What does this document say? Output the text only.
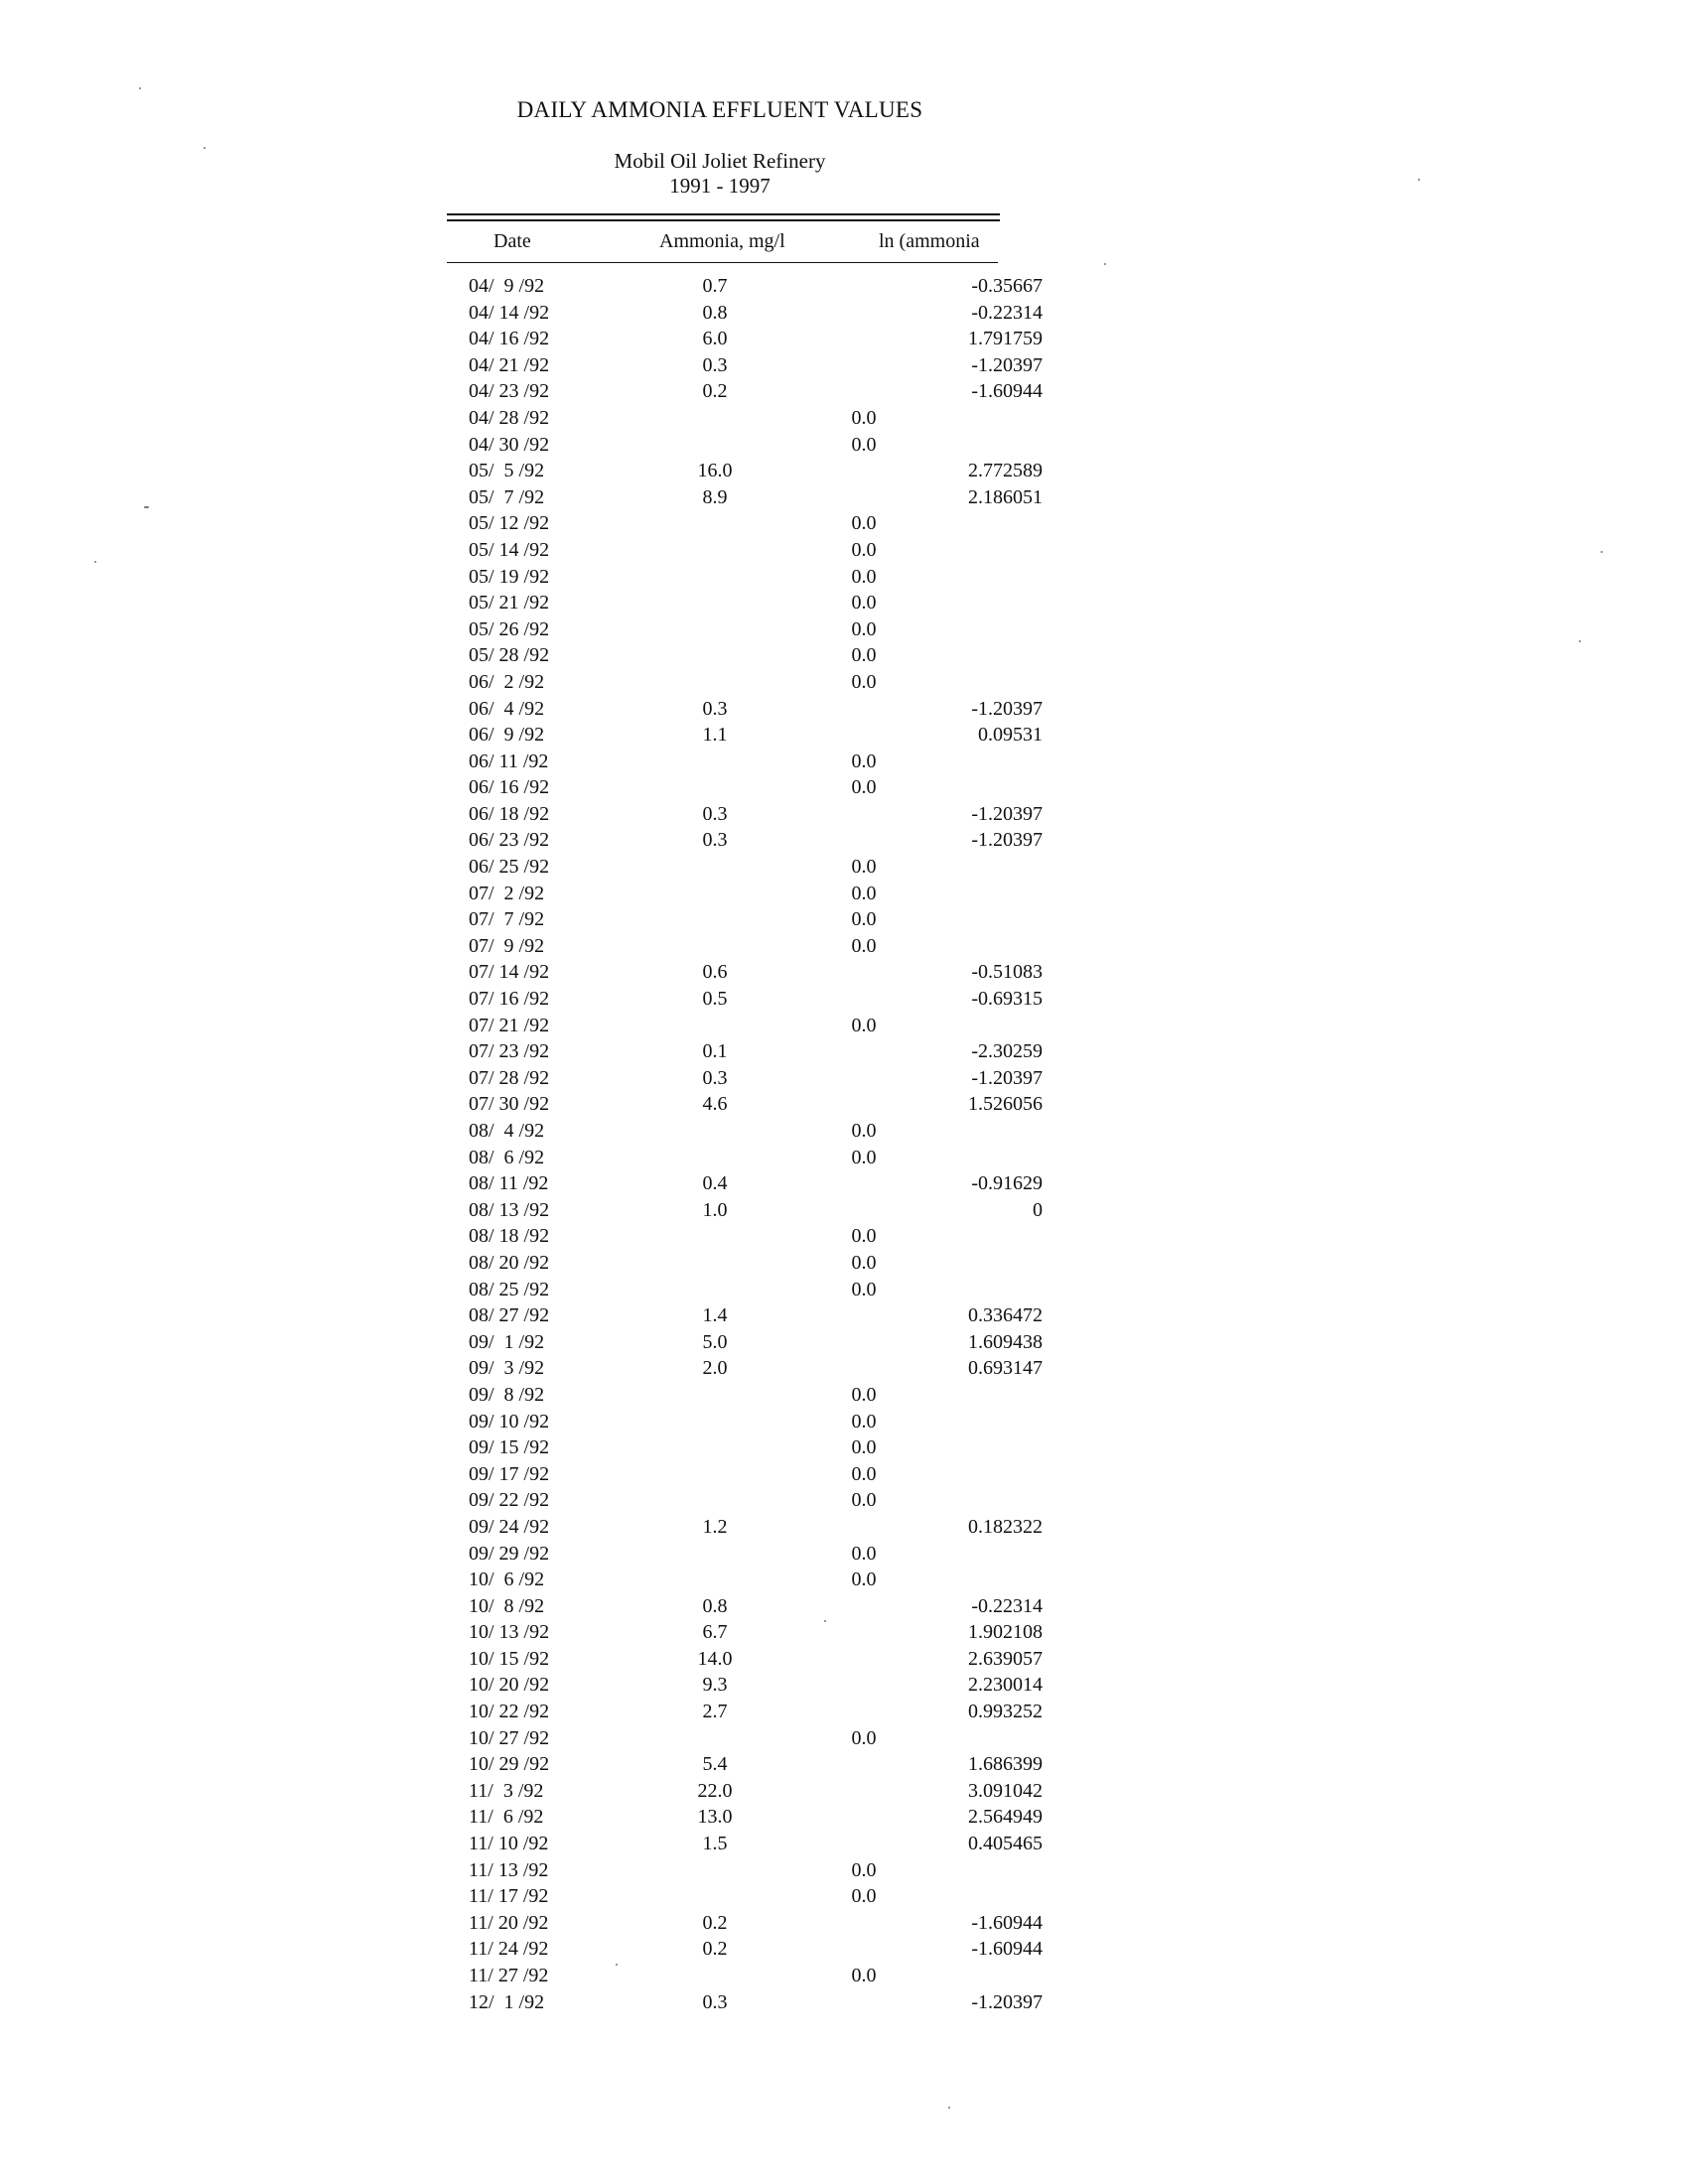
DAILY AMMONIA EFFLUENT VALUES
Mobil Oil Joliet Refinery
1991 - 1997
Date	Ammonia, mg/l	ln (ammonia
04/  9 /92	0.7	-0.35667
04/ 14 /92	0.8	-0.22314
04/ 16 /92	6.0	1.791759
04/ 21 /92	0.3	-1.20397
04/ 23 /92	0.2	-1.60944
04/ 28 /92	0.0
04/ 30 /92	0.0
05/  5 /92	16.0	2.772589
05/  7 /92	8.9	2.186051
05/ 12 /92	0.0
05/ 14 /92	0.0
05/ 19 /92	0.0
05/ 21 /92	0.0
05/ 26 /92	0.0
05/ 28 /92	0.0
06/  2 /92	0.0
06/  4 /92	0.3	-1.20397
06/  9 /92	1.1	0.09531
06/ 11 /92	0.0
06/ 16 /92	0.0
06/ 18 /92	0.3	-1.20397
06/ 23 /92	0.3	-1.20397
06/ 25 /92	0.0
07/  2 /92	0.0
07/  7 /92	0.0
07/  9 /92	0.0
07/ 14 /92	0.6	-0.51083
07/ 16 /92	0.5	-0.69315
07/ 21 /92	0.0
07/ 23 /92	0.1	-2.30259
07/ 28 /92	0.3	-1.20397
07/ 30 /92	4.6	1.526056
08/  4 /92	0.0
08/  6 /92	0.0
08/ 11 /92	0.4	-0.91629
08/ 13 /92	1.0	0
08/ 18 /92	0.0
08/ 20 /92	0.0
08/ 25 /92	0.0
08/ 27 /92	1.4	0.336472
09/  1 /92	5.0	1.609438
09/  3 /92	2.0	0.693147
09/  8 /92	0.0
09/ 10 /92	0.0
09/ 15 /92	0.0
09/ 17 /92	0.0
09/ 22 /92	0.0
09/ 24 /92	1.2	0.182322
09/ 29 /92	0.0
10/  6 /92	0.0
10/  8 /92	0.8	-0.22314
10/ 13 /92	6.7	1.902108
10/ 15 /92	14.0	2.639057
10/ 20 /92	9.3	2.230014
10/ 22 /92	2.7	0.993252
10/ 27 /92	0.0
10/ 29 /92	5.4	1.686399
11/  3 /92	22.0	3.091042
11/  6 /92	13.0	2.564949
11/ 10 /92	1.5	0.405465
11/ 13 /92	0.0
11/ 17 /92	0.0
11/ 20 /92	0.2	-1.60944
11/ 24 /92	0.2	-1.60944
11/ 27 /92	0.0
12/  1 /92	0.3	-1.20397
